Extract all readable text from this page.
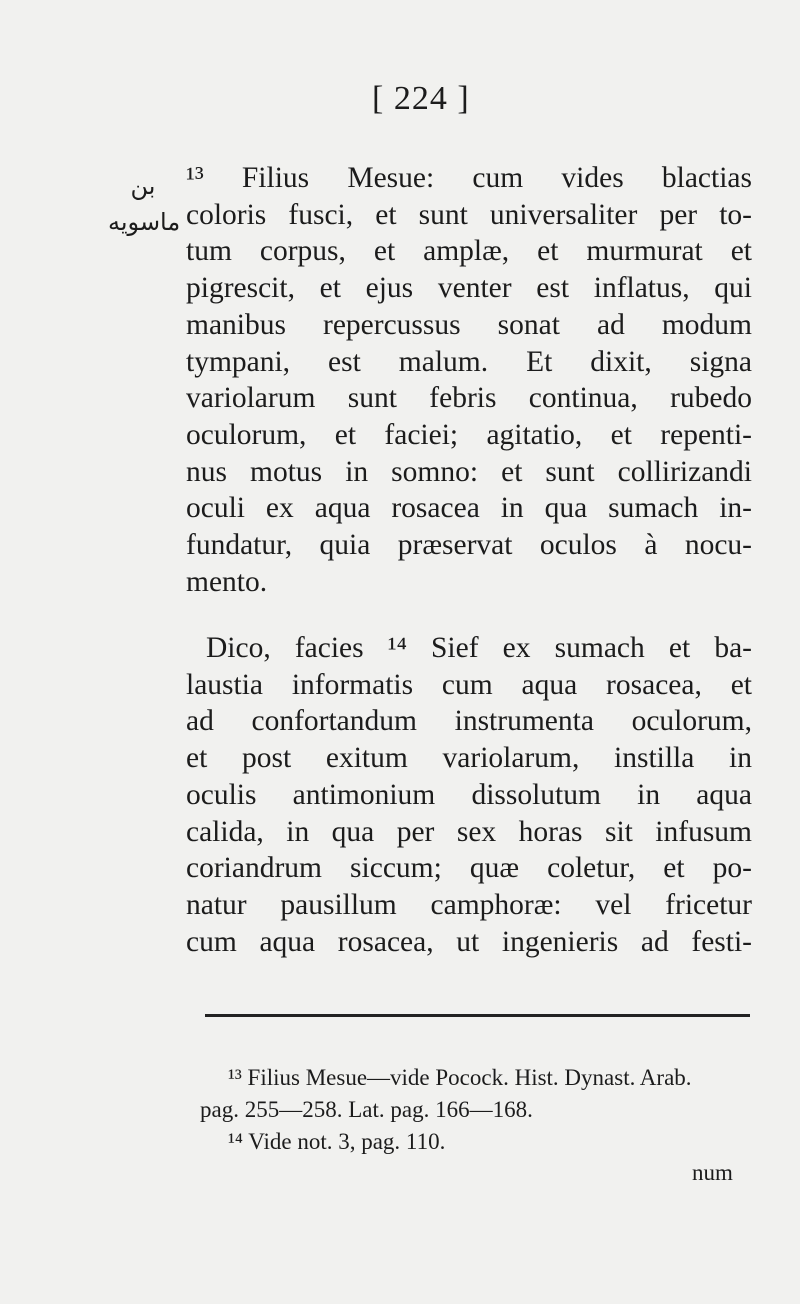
[ 224 ]
بن
ماسويه
¹³ Filius Mesue: cum vides blactias
coloris fusci, et sunt universaliter per to-
tum corpus, et amplæ, et murmurat et
pigrescit, et ejus venter est inflatus, qui
manibus repercussus sonat ad modum
tympani, est malum. Et dixit, signa
variolarum sunt febris continua, rubedo
oculorum, et faciei; agitatio, et repenti-
nus motus in somno: et sunt collirizandi
oculi ex aqua rosacea in qua sumach in-
fundatur, quia præservat oculos à nocu-
mento.
Dico, facies ¹⁴ Sief ex sumach et ba-
laustia informatis cum aqua rosacea, et
ad confortandum instrumenta oculorum,
et post exitum variolarum, instilla in
oculis antimonium dissolutum in aqua
calida, in qua per sex horas sit infusum
coriandrum siccum; quæ coletur, et po-
natur pausillum camphoræ: vel fricetur
cum aqua rosacea, ut ingenieris ad festi-
¹³ Filius Mesue—vide Pocock. Hist. Dynast. Arab.
pag. 255—258. Lat. pag. 166—168.
¹⁴ Vide not. 3, pag. 110.
num
